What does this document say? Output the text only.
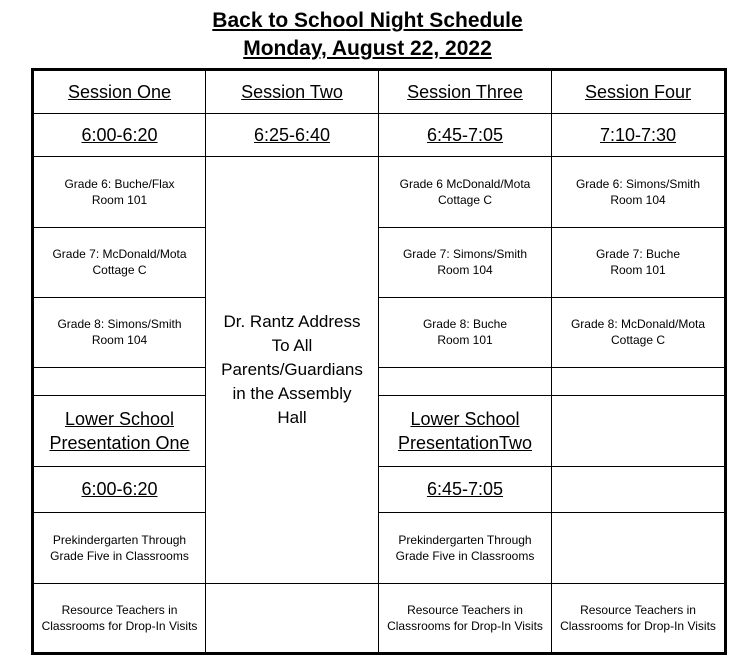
Back to School Night Schedule
Monday, August 22, 2022
Session One	Session Two	Session Three	Session Four
6:00-6:20	6:25-6:40	6:45-7:05	7:10-7:30

Grade 6: Buche/Flax
Room 101	Dr. Rantz Address
To All
Parents/Guardians
in the Assembly
Hall	Grade 6 McDonald/Mota
Cottage C	Grade 6: Simons/Smith
Room 104

Grade 7: McDonald/Mota
Cottage C		Grade 7: Simons/Smith
Room 104	Grade 7: Buche
Room 101

Grade 8: Simons/Smith
Room 104		Grade 8: Buche
Room 101	Grade 8: McDonald/Mota
Cottage C

Lower School
Presentation One		Lower School
PresentationTwo	

6:00-6:20		6:45-7:05	

Prekindergarten Through
Grade Five in Classrooms		Prekindergarten Through
Grade Five in Classrooms	

Resource Teachers in
Classrooms for Drop-In Visits		Resource Teachers in
Classrooms for Drop-In Visits	Resource Teachers in
Classrooms for Drop-In Visits
